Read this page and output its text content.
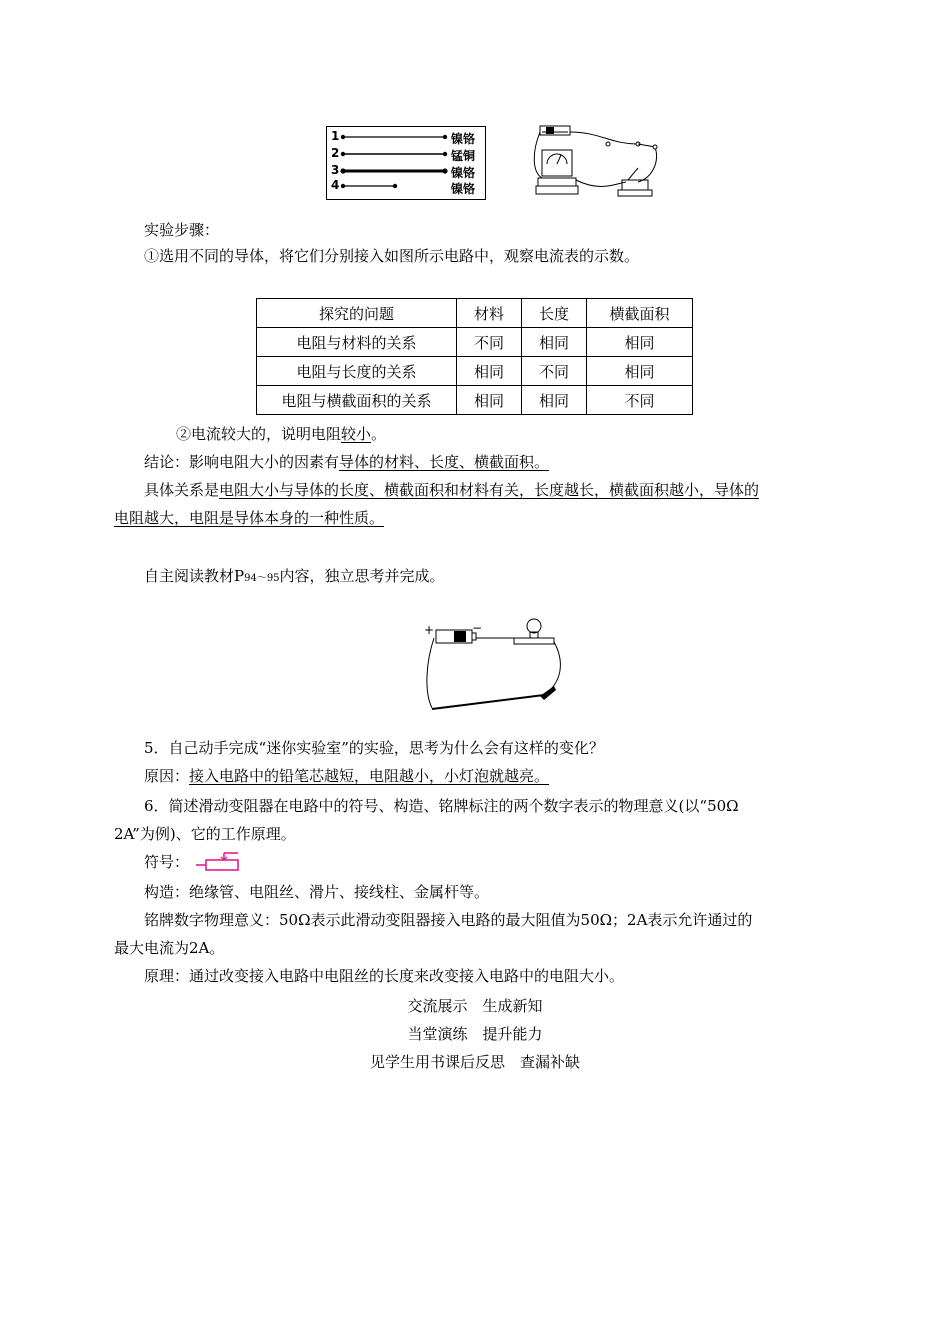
1
2
3
4
镍铬
锰铜
镍铬
镍铬
实验步骤：
①选用不同的导体，将它们分别接入如图所示电路中，观察电流表的示数。
探究的问题	材料	长度	横截面积
电阻与材料的关系	不同	相同	相同
电阻与长度的关系	相同	不同	相同
电阻与横截面积的关系	相同	相同	不同
②电流较大的，说明电阻较小。
结论：影响电阻大小的因素有导体的材料、长度、横截面积。
具体关系是电阻大小与导体的长度、横截面积和材料有关，长度越长，横截面积越小，导体的
电阻越大，电阻是导体本身的一种性质。
自主阅读教材P94～95内容，独立思考并完成。
+	−
5．自己动手完成“迷你实验室”的实验，思考为什么会有这样的变化？
原因：接入电路中的铅笔芯越短，电阻越小，小灯泡就越亮。
6．简述滑动变阻器在电路中的符号、构造、铭牌标注的两个数字表示的物理意义(以“50Ω
2A”为例)、它的工作原理。
符号：
构造：绝缘管、电阻丝、滑片、接线柱、金属杆等。
铭牌数字物理意义：50Ω表示此滑动变阻器接入电路的最大阻值为50Ω；2A表示允许通过的
最大电流为2A。
原理：通过改变接入电路中电阻丝的长度来改变接入电路中的电阻大小。
交流展示　生成新知
当堂演练　提升能力
见学生用书课后反思　查漏补缺
